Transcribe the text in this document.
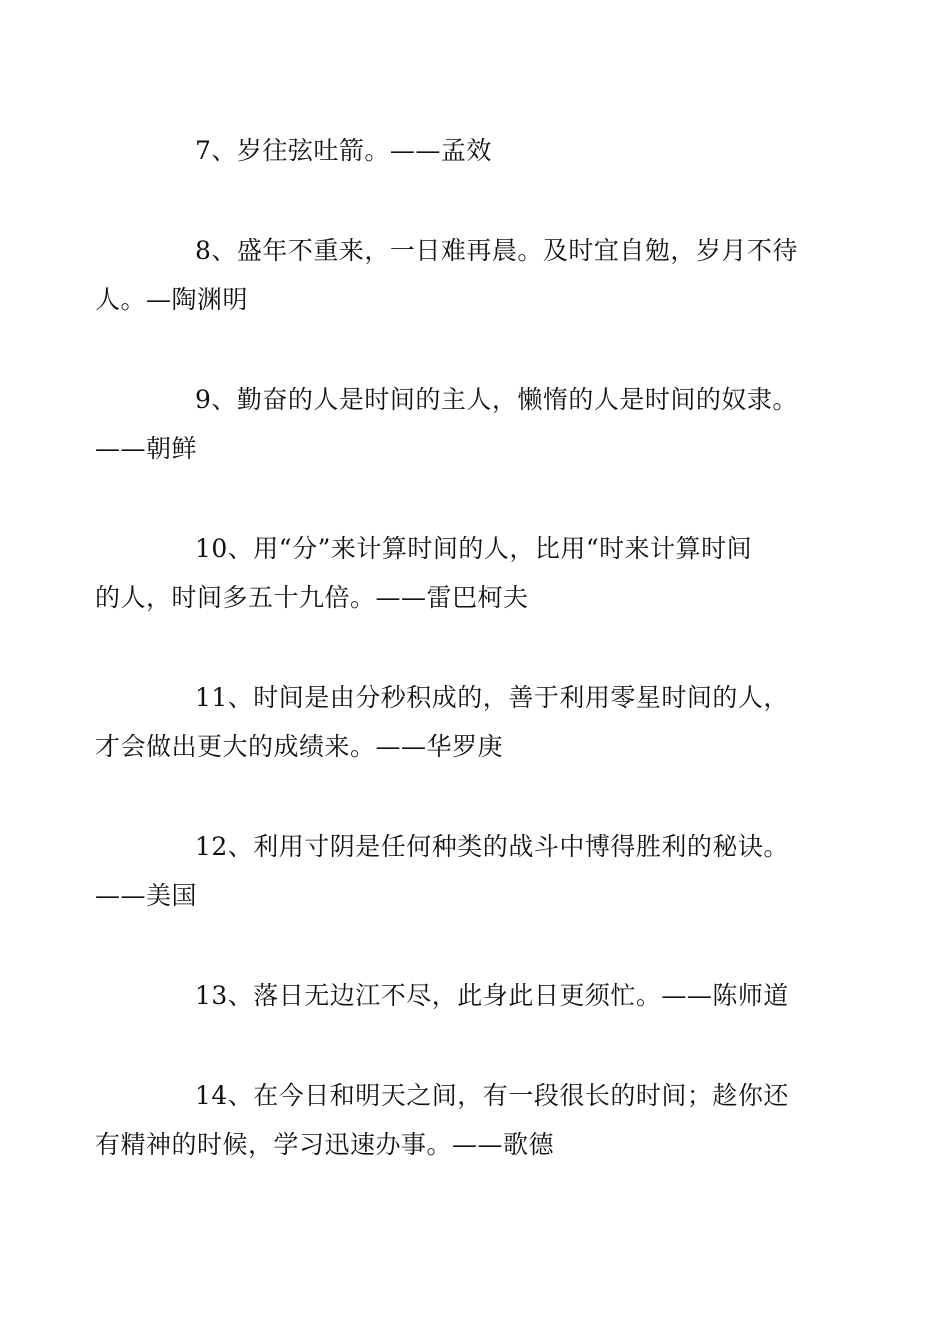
7、岁往弦吐箭。——孟效

8、盛年不重来，一日难再晨。及时宜自勉，岁月不待
人。—陶渊明

9、勤奋的人是时间的主人，懒惰的人是时间的奴隶。
——朝鲜

10、用“分”来计算时间的人，比用“时来计算时间
的人，时间多五十九倍。——雷巴柯夫

11、时间是由分秒积成的，善于利用零星时间的人，
才会做出更大的成绩来。——华罗庚

12、利用寸阴是任何种类的战斗中博得胜利的秘诀。
——美国

13、落日无边江不尽，此身此日更须忙。——陈师道

14、在今日和明天之间，有一段很长的时间；趁你还
有精神的时候，学习迅速办事。——歌德
